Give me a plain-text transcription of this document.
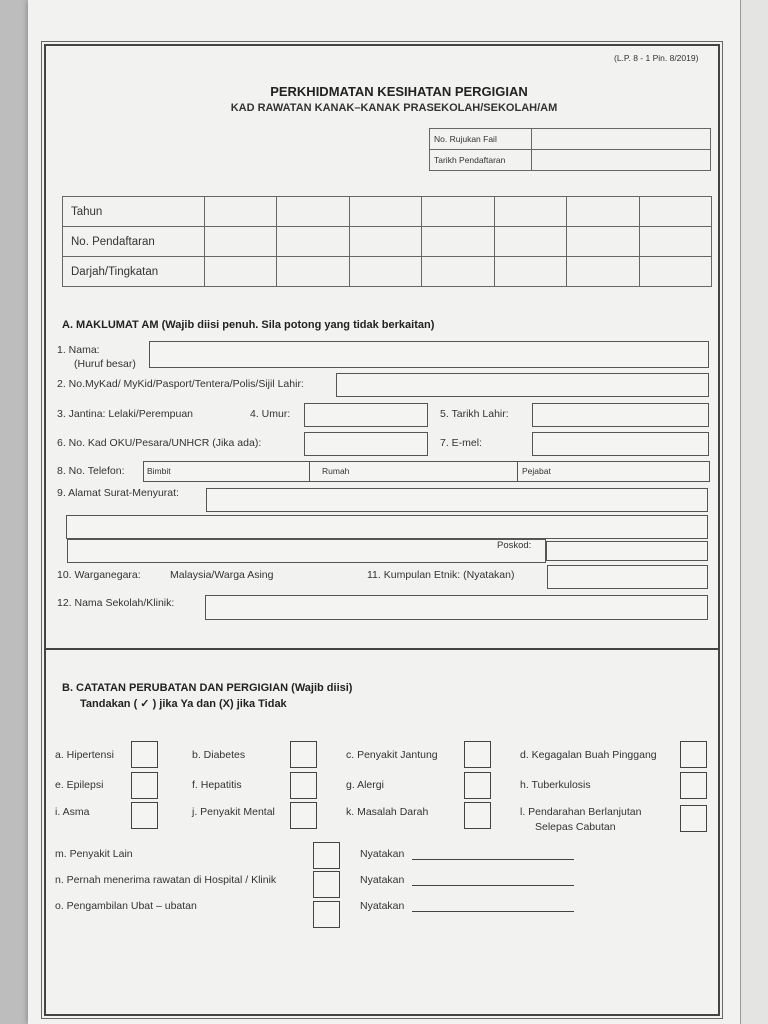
(L.P. 8 - 1 Pin. 8/2019)
PERKHIDMATAN KESIHATAN PERGIGIAN
KAD RAWATAN KANAK–KANAK PRASEKOLAH/SEKOLAH/AM
No. Rujukan Fail	
Tarikh Pendaftaran	
Tahun							
No. Pendaftaran							
Darjah/Tingkatan							
A. MAKLUMAT AM (Wajib diisi penuh. Sila potong yang tidak berkaitan)
1. Nama:
(Huruf besar)
2. No.MyKad/ MyKid/Pasport/Tentera/Polis/Sijil Lahir:
3. Jantina: Lelaki/Perempuan	4. Umur:	5. Tarikh Lahir:
6. No. Kad OKU/Pesara/UNHCR (Jika ada):	7. E-mel:
8. No. Telefon:	Bimbit	Rumah	Pejabat
9. Alamat Surat-Menyurat:
Poskod:
10. Warganegara:	Malaysia/Warga Asing	11. Kumpulan Etnik: (Nyatakan)
12. Nama Sekolah/Klinik:
B. CATATAN PERUBATAN DAN PERGIGIAN (Wajib diisi)
Tandakan ( ✓ ) jika Ya dan (X) jika Tidak
a. Hipertensi	b. Diabetes	c. Penyakit Jantung	d. Kegagalan Buah Pinggang
e. Epilepsi	f. Hepatitis	g. Alergi	h. Tuberkulosis
i. Asma	j. Penyakit Mental	k. Masalah Darah	l. Pendarahan Berlanjutan
Selepas Cabutan
m. Penyakit Lain	Nyatakan
n. Pernah menerima rawatan di Hospital / Klinik	Nyatakan
o. Pengambilan Ubat – ubatan	Nyatakan
